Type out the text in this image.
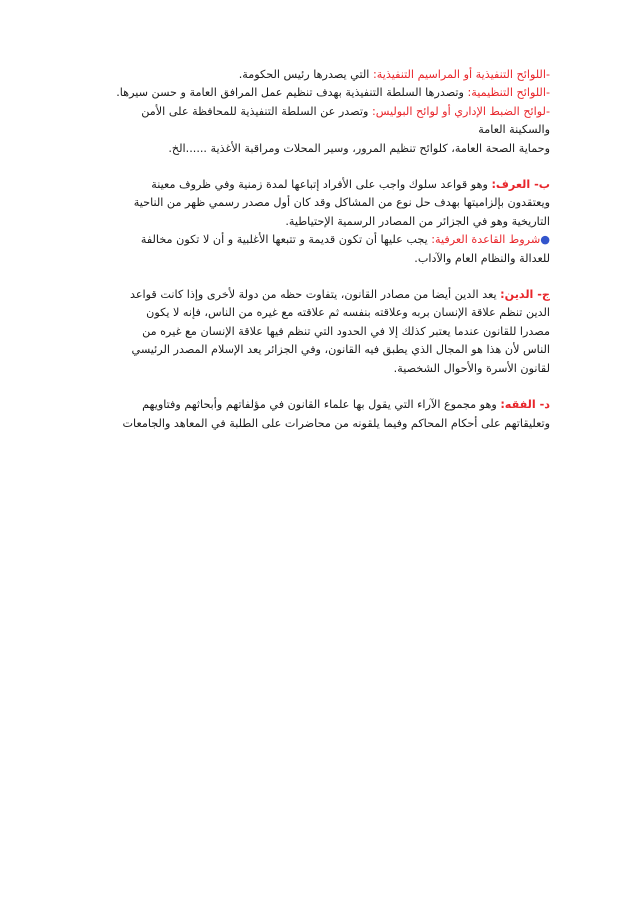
-اللوائح التنفيذية أو المراسيم التنفيذية: التي يصدرها رئيس الحكومة.

-اللوائح التنظيمية: وتصدرها السلطة التنفيذية بهدف تنظيم عمل المرافق العامة و حسن سيرها.

-لوائح الضبط الإداري أو لوائح البوليس: وتصدر عن السلطة التنفيذية للمحافظة على الأمن

والسكينة العامة

وحماية الصحة العامة، كلوائح تنظيم المرور، وسير المحلات ومراقبة الأغذية ......الخ.

ب- العرف: وهو قواعد سلوك واجب على الأفراد إتباعها لمدة زمنية وفي ظروف معينة

ويعتقدون بإلزاميتها بهدف حل نوع من المشاكل وقد كان أول مصدر رسمي ظهر من الناحية

التاريخية وهو في الجزائر من المصادر الرسمية الإحتياطية.

●شروط القاعدة العرفية: يجب عليها أن تكون قديمة و تتبعها الأغلبية و أن لا تكون مخالفة

للعدالة والنظام العام والآداب.

ج- الدين: يعد الدين أيضا من مصادر القانون، يتفاوت حظه من دولة لأخرى وإذا كانت قواعد

الدين تنظم علاقة الإنسان بربه وعلاقته بنفسه ثم علاقته مع غيره من الناس، فإنه لا يكون

مصدرا للقانون عندما يعتبر كذلك إلا في الحدود التي تنظم فيها علاقة الإنسان مع غيره من

الناس لأن هذا هو المجال الذي يطبق فيه القانون، وفي الجزائر يعد الإسلام المصدر الرئيسي

لقانون الأسرة والأحوال الشخصية.

د- الفقه: وهو مجموع الآراء التي يقول بها علماء القانون في مؤلفاتهم وأبحاثهم وفتاويهم

وتعليقاتهم على أحكام المحاكم وفيما يلقونه من محاضرات على الطلبة في المعاهد والجامعات
